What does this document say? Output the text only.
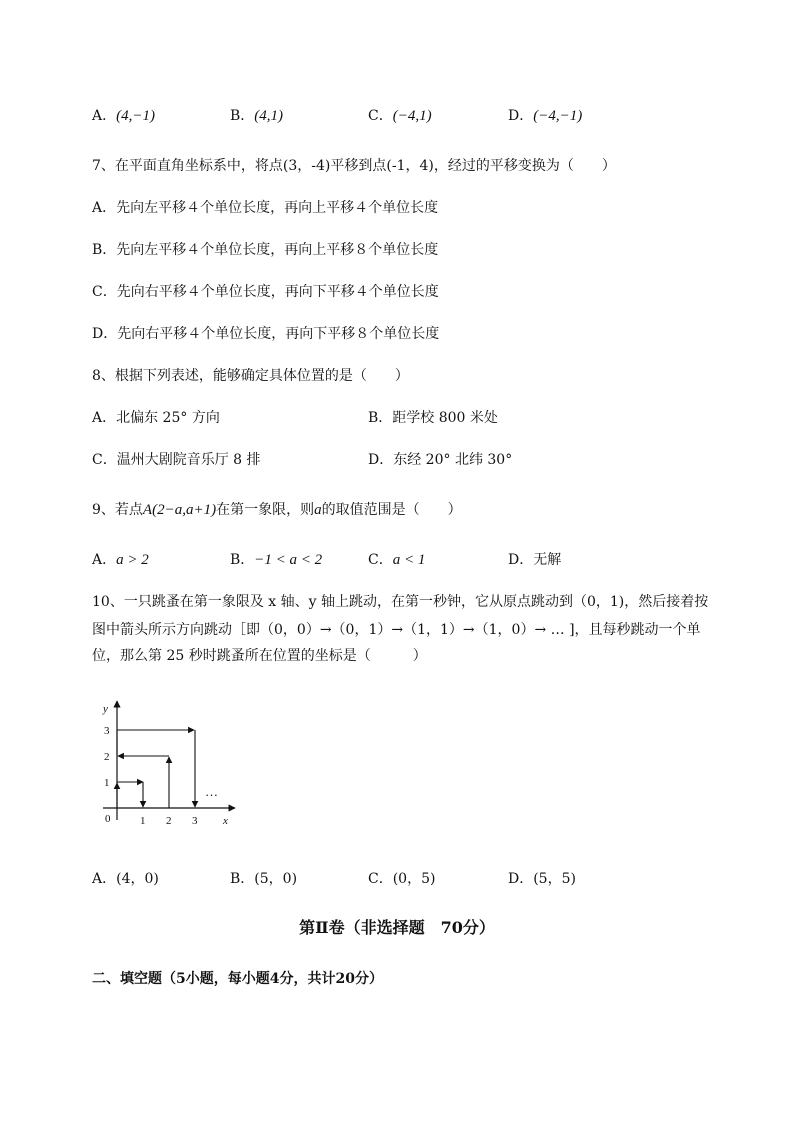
A．(4,−1)	B．(4,1)	C．(−4,1)	D．(−4,−1)
7、在平面直角坐标系中，将点(3，-4)平移到点(-1，4)，经过的平移变换为（　　）
A．先向左平移４个单位长度，再向上平移４个单位长度
B．先向左平移４个单位长度，再向上平移８个单位长度
C．先向右平移４个单位长度，再向下平移４个单位长度
D．先向右平移４个单位长度，再向下平移８个单位长度
8、根据下列表述，能够确定具体位置的是（　　）
A．北偏东 25° 方向	B．距学校 800 米处
C．温州大剧院音乐厅 8 排	D．东经 20° 北纬 30°
9、若点A(2−a,a+1)在第一象限，则a的取值范围是（　　）
A．a > 2	B．−1 < a < 2	C．a < 1	D．无解
10、一只跳蚤在第一象限及 x 轴、y 轴上跳动，在第一秒钟，它从原点跳动到（0，1)，然后接着按
图中箭头所示方向跳动［即（0，0）→（0，1）→（1，1）→（1，0）→ … ]，且每秒跳动一个单
位，那么第 25 秒时跳蚤所在位置的坐标是（　　　）
y
x
0	1 2 3
1
2
3
…
A．(4，0)	B．(5，0)	C．(0，5)	D．(5，5)
第Ⅱ卷（非选择题　70分）
二、填空题（5小题，每小题4分，共计20分）
